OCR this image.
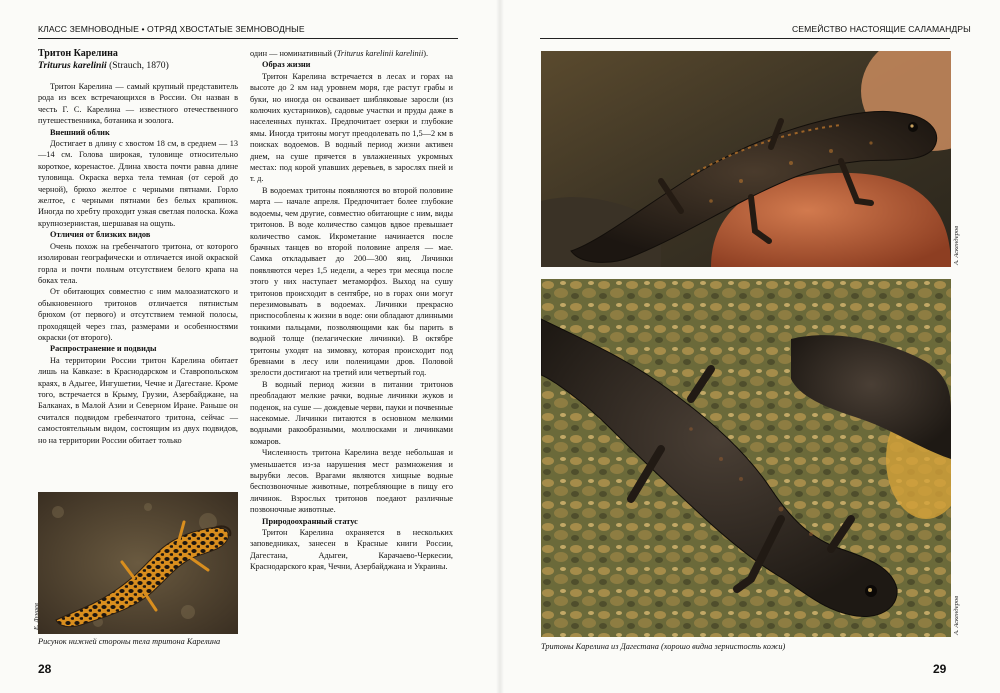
КЛАСС ЗЕМНОВОДНЫЕ • ОТРЯД ХВОСТАТЫЕ ЗЕМНОВОДНЫЕ

Тритон Карелина

Triturus karelinii (Strauch, 1870)

Тритон Карелина — самый крупный представитель рода из всех встречающихся в России. Он назван в честь Г. С. Карелина — известного отечественного путешественника, ботаника и зоолога.

Внешний облик

Достигает в длину с хвостом 18 см, в среднем — 13—14 см. Голова широкая, туловище относительно короткое, коренастое. Длина хвоста почти равна длине туловища. Окраска верха тела темная (от серой до черной), брюхо желтое с черными пятнами. Горло желтое, с черными пятнами без белых крапинок. Иногда по хребту проходит узкая светлая полоска. Кожа крупнозернистая, шершавая на ощупь.

Отличия от близких видов

Очень похож на гребенчатого тритона, от которого изолирован географически и отличается иной окраской горла и почти полным отсутствием белого крапа на боках тела.

От обитающих совместно с ним малоазиатского и обыкновенного тритонов отличается пятнистым брюхом (от первого) и отсутствием темной полосы, проходящей через глаз, размерами и особенностями окраски (от второго).

Распространение и подвиды

На территории России тритон Карелина обитает лишь на Кавказе: в Краснодарском и Ставропольском краях, в Адыгее, Ингушетии, Чечне и Дагестане. Кроме того, встречается в Крыму, Грузии, Азербайджане, на Балканах, в Малой Азии и Северном Иране. Раньше он считался подвидом гребенчатого тритона, сейчас — самостоятельным видом, состоящим из двух подвидов, но на территории России обитает только

Е. Дунаев
Рисунок нижней стороны тела тритона Карелина

один — номинативный (Triturus karelinii karelinii).

Образ жизни

Тритон Карелина встречается в лесах и горах на высоте до 2 км над уровнем моря, где растут грабы и буки, но иногда он осваивает шибляковые заросли (из колючих кустарников), садовые участки и пруды даже в населенных пунктах. Предпочитает озерки и глубокие ямы. Иногда тритоны могут преодолевать по 1,5—2 км в поисках водоемов. В водный период жизни активен днем, на суше прячется в увлажненных укромных местах: под корой упавших деревьев, в зарослях пней и т. д.

В водоемах тритоны появляются во второй половине марта — начале апреля. Предпочитает более глубокие водоемы, чем другие, совместно обитающие с ним, виды тритонов. В воде количество самцов вдвое превышает количество самок. Икрометание начинается после брачных танцев во второй половине апреля — мае. Самка откладывает до 200—300 яиц. Личинки появляются через 1,5 недели, а через три месяца после этого у них наступает метаморфоз. Выход на сушу тритонов происходит в сентябре, но в горах они могут перезимовывать в водоемах. Личинки прекрасно приспособлены к жизни в воде: они обладают длинными тонкими пальцами, позволяющими как бы парить в водной толще (пелагические личинки). В октябре тритоны уходят на зимовку, которая происходит под бревнами в лесу или поленицами дров. Половой зрелости достигают на третий или четвертый год.

В водный период жизни в питании тритонов преобладают мелкие рачки, водные личинки жуков и поденок, на суше — дождевые черви, пауки и почвенные насекомые. Личинки питаются в основном мелкими водными ракообразными, моллюсками и личинками комаров.

Численность тритона Карелина везде небольшая и уменьшается из-за нарушения мест размножения и вырубки лесов. Врагами являются хищные водные беспозвоночные животные, потребляющие в пищу его личинок. Взрослых тритонов поедают различные позвоночные животные.

Природоохранный статус

Тритон Карелина охраняется в нескольких заповедниках, занесен в Красные книги России, Дагестана, Адыгеи, Карачаево-Черкесии, Краснодарского края, Чечни, Азербайджана и Украины.

28
СЕМЕЙСТВО НАСТОЯЩИЕ САЛАМАНДРЫ
А. Аскендеров
А. Аскендеров
Тритоны Карелина из Дагестана (хорошо видна зернистость кожи)
29
